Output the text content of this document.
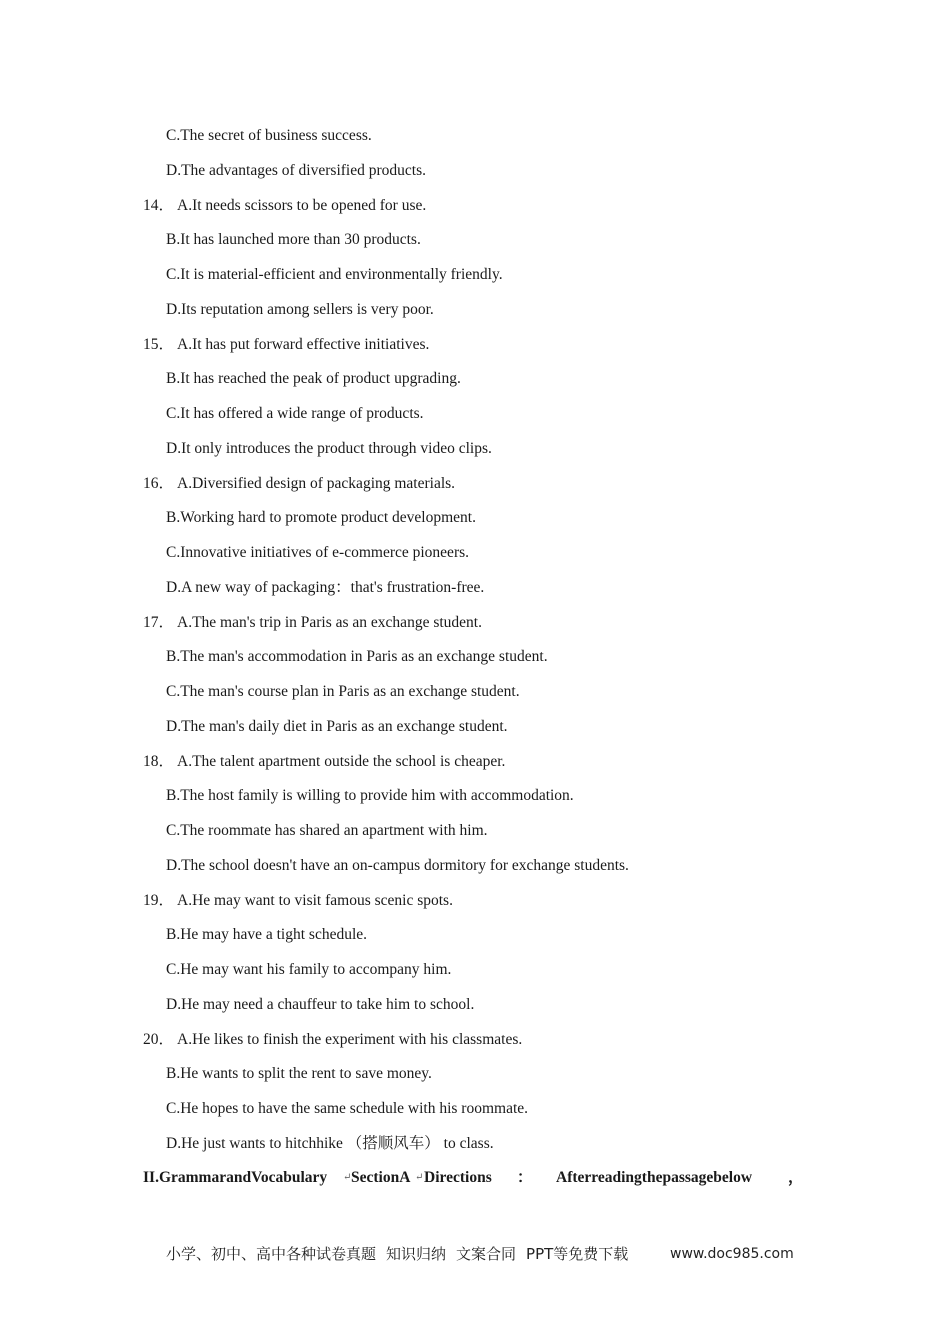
C.The secret of business success.
D.The advantages of diversified products.
14． A.It needs scissors to be opened for use.
B.It has launched more than 30 products.
C.It is material‐efficient and environmentally friendly.
D.Its reputation among sellers is very poor.
15． A.It has put forward effective initiatives.
B.It has reached the peak of product upgrading.
C.It has offered a wide range of products.
D.It only introduces the product through video clips.
16． A.Diversified design of packaging materials.
B.Working hard to promote product development.
C.Innovative initiatives of e‐commerce pioneers.
D.A new way of packaging：that's frustration‐free.
17． A.The man's trip in Paris as an exchange student.
B.The man's accommodation in Paris as an exchange student.
C.The man's course plan in Paris as an exchange student.
D.The man's daily diet in Paris as an exchange student.
18． A.The talent apartment outside the school is cheaper.
B.The host family is willing to provide him with accommodation.
C.The roommate has shared an apartment with him.
D.The school doesn't have an on‐campus dormitory for exchange students.
19． A.He may want to visit famous scenic spots.
B.He may have a tight schedule.
C.He may want his family to accompany him.
D.He may need a chauffeur to take him to school.
20． A.He likes to finish the experiment with his classmates.
B.He wants to split the rent to save money.
C.He hopes to have the same schedule with his roommate.
D.He just wants to hitchhike （搭顺风车） to class.
II.GrammarandVocabulary ↵ SectionA ↵ Directions ： Afterreadingthepassagebelow ，
小学、初中、高中各种试卷真题 知识归纳 文案合同 PPT等免费下载	www.doc985.com
